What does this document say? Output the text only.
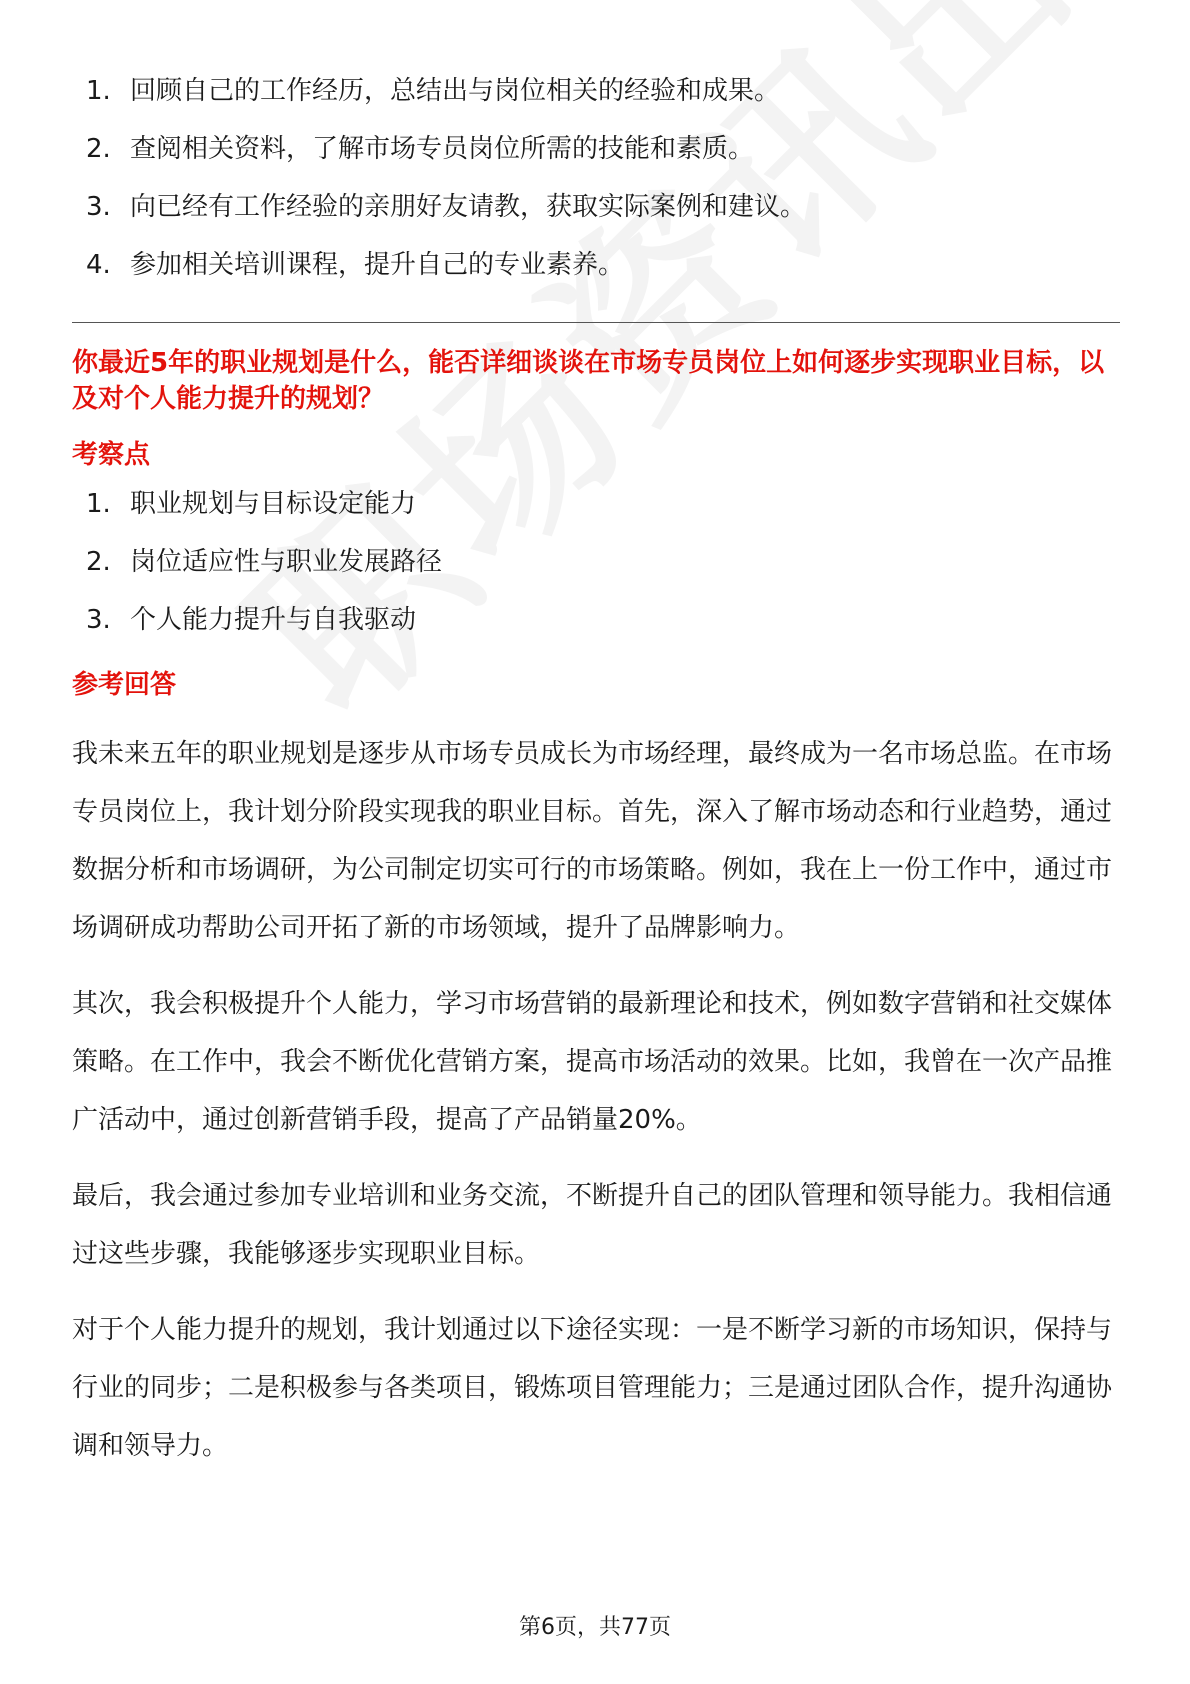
1. 回顾自己的工作经历，总结出与岗位相关的经验和成果。
2. 查阅相关资料，了解市场专员岗位所需的技能和素质。
3. 向已经有工作经验的亲朋好友请教，获取实际案例和建议。
4. 参加相关培训课程，提升自己的专业素养。
你最近5年的职业规划是什么，能否详细谈谈在市场专员岗位上如何逐步实现职业目标，以及对个人能力提升的规划？
考察点
1. 职业规划与目标设定能力
2. 岗位适应性与职业发展路径
3. 个人能力提升与自我驱动
参考回答

我未来五年的职业规划是逐步从市场专员成长为市场经理，最终成为一名市场总监。在市场专员岗位上，我计划分阶段实现我的职业目标。首先，深入了解市场动态和行业趋势，通过数据分析和市场调研，为公司制定切实可行的市场策略。例如，我在上一份工作中，通过市场调研成功帮助公司开拓了新的市场领域，提升了品牌影响力。

其次，我会积极提升个人能力，学习市场营销的最新理论和技术，例如数字营销和社交媒体策略。在工作中，我会不断优化营销方案，提高市场活动的效果。比如，我曾在一次产品推广活动中，通过创新营销手段，提高了产品销量20%。

最后，我会通过参加专业培训和业务交流，不断提升自己的团队管理和领导能力。我相信通过这些步骤，我能够逐步实现职业目标。

对于个人能力提升的规划，我计划通过以下途径实现：一是不断学习新的市场知识，保持与行业的同步；二是积极参与各类项目，锻炼项目管理能力；三是通过团队合作，提升沟通协调和领导力。

第6页，共77页
